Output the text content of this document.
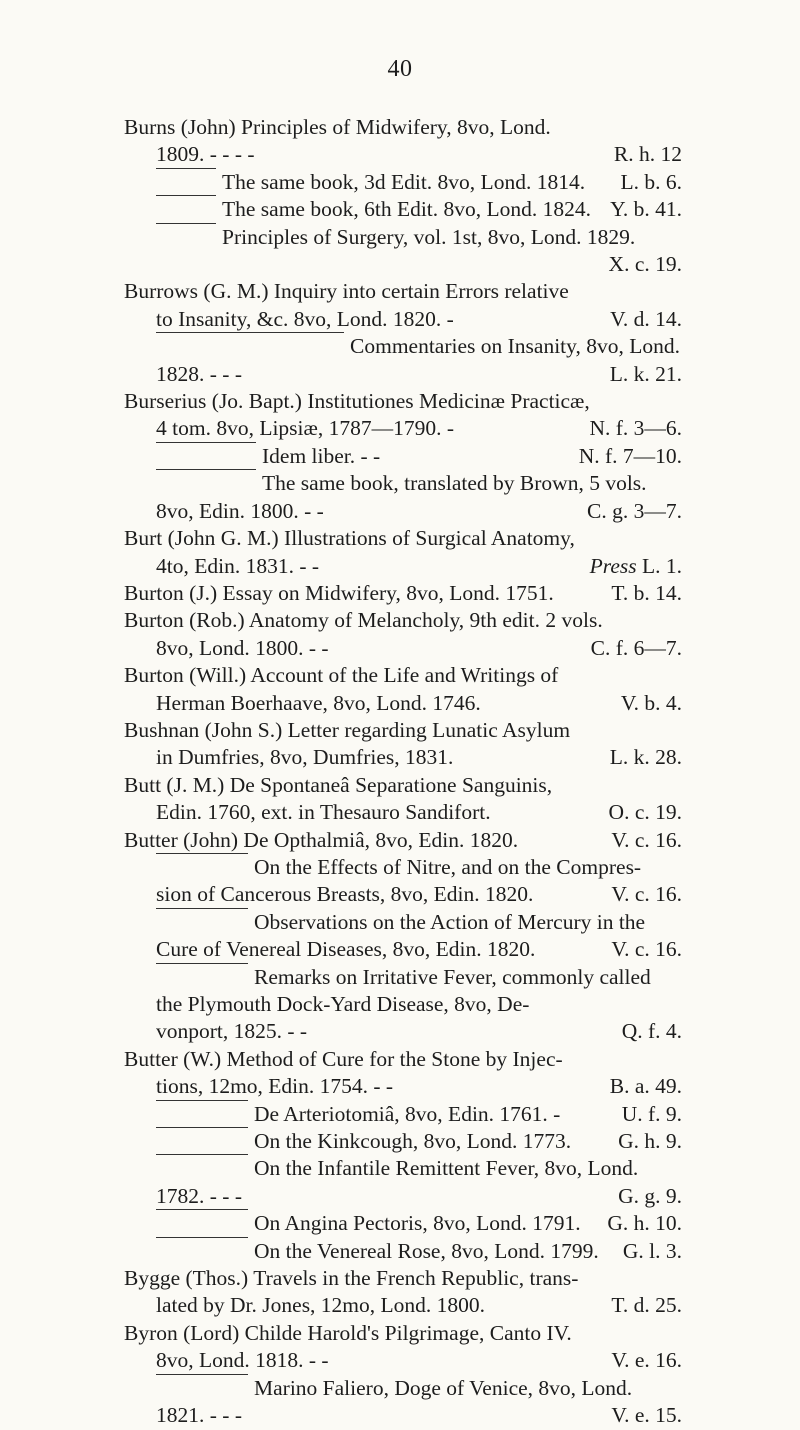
40
Burns (John) Principles of Midwifery, 8vo, Lond.
1809. - - - -	R. h. 12
The same book, 3d Edit. 8vo, Lond. 1814.	L. b. 6.
The same book, 6th Edit. 8vo, Lond. 1824. Y. b. 41.
Principles of Surgery, vol. 1st, 8vo, Lond. 1829.
X. c. 19.
Burrows (G. M.) Inquiry into certain Errors relative
to Insanity, &c. 8vo, Lond. 1820. -	V. d. 14.
Commentaries on Insanity, 8vo, Lond.
1828. - - -	L. k. 21.
Burserius (Jo. Bapt.) Institutiones Medicinæ Practicæ,
4 tom. 8vo, Lipsiæ, 1787—1790. -	N. f. 3—6.
Idem liber. - -	N. f. 7—10.
The same book, translated by Brown, 5 vols.
8vo, Edin. 1800. - -	C. g. 3—7.
Burt (John G. M.) Illustrations of Surgical Anatomy,
4to, Edin. 1831. - -	Press L. 1.
Burton (J.) Essay on Midwifery, 8vo, Lond. 1751.	T. b. 14.
Burton (Rob.) Anatomy of Melancholy, 9th edit. 2 vols.
8vo, Lond. 1800. - -	C. f. 6—7.
Burton (Will.) Account of the Life and Writings of
Herman Boerhaave, 8vo, Lond. 1746.	V. b. 4.
Bushnan (John S.) Letter regarding Lunatic Asylum
in Dumfries, 8vo, Dumfries, 1831.	L. k. 28.
Butt (J. M.) De Spontaneâ Separatione Sanguinis,
Edin. 1760, ext. in Thesauro Sandifort.	O. c. 19.
Butter (John) De Opthalmiâ, 8vo, Edin. 1820.	V. c. 16.
On the Effects of Nitre, and on the Compres-
sion of Cancerous Breasts, 8vo, Edin. 1820.	V. c. 16.
Observations on the Action of Mercury in the
Cure of Venereal Diseases, 8vo, Edin. 1820.	V. c. 16.
Remarks on Irritative Fever, commonly called
the Plymouth Dock-Yard Disease, 8vo, De-
vonport, 1825. - -	Q. f. 4.
Butter (W.) Method of Cure for the Stone by Injec-
tions, 12mo, Edin. 1754. - -	B. a. 49.
De Arteriotomiâ, 8vo, Edin. 1761. -	U. f. 9.
On the Kinkcough, 8vo, Lond. 1773.	G. h. 9.
On the Infantile Remittent Fever, 8vo, Lond.
1782. - - -	G. g. 9.
On Angina Pectoris, 8vo, Lond. 1791.	G. h. 10.
On the Venereal Rose, 8vo, Lond. 1799.	G. l. 3.
Bygge (Thos.) Travels in the French Republic, trans-
lated by Dr. Jones, 12mo, Lond. 1800.	T. d. 25.
Byron (Lord) Childe Harold's Pilgrimage, Canto IV.
8vo, Lond. 1818. - -	V. e. 16.
Marino Faliero, Doge of Venice, 8vo, Lond.
1821. - - -	V. e. 15.
